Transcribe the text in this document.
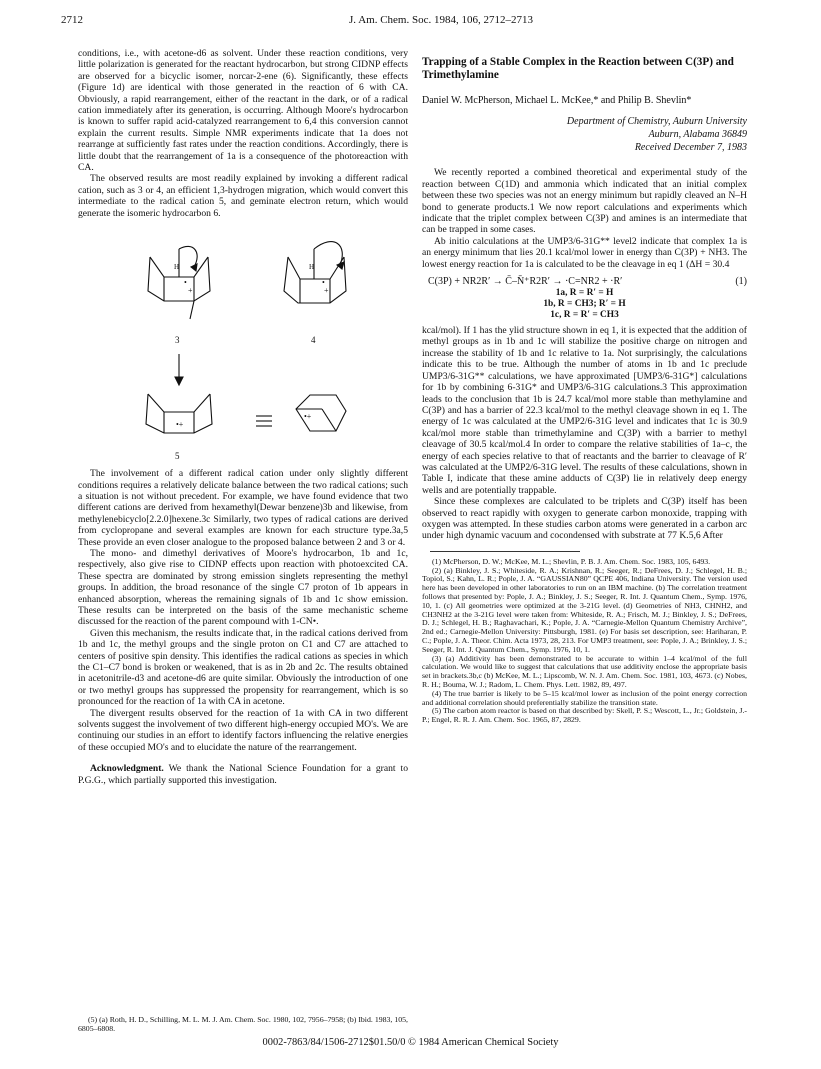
2712	J. Am. Chem. Soc. 1984, 106, 2712–2713

conditions, i.e., with acetone-d6 as solvent. Under these reaction conditions, very little polarization is generated for the reactant hydrocarbon, but strong CIDNP effects are observed for a bicyclic isomer, norcar-2-ene (6). Significantly, these effects (Figure 1d) are identical with those generated in the reaction of 6 with CA. Obviously, a rapid rearrangement, either of the reactant in the dark, or of a radical cation immediately after its generation, is occurring. Although Moore's hydrocarbon is known to suffer rapid acid-catalyzed rearrangement to 6,4 this conversion cannot explain the current results. Simple NMR experiments indicate that 1a does not rearrange at sufficiently fast rates under the reaction conditions. Accordingly, there is little doubt that the rearrangement of 1a is a consequence of the photoreaction with CA.

The observed results are most readily explained by invoking a different radical cation, such as 3 or 4, an efficient 1,3-hydrogen migration, which would convert this intermediate to the radical cation 5, and geminate electron return, which would generate the isomeric hydrocarbon 6.

•
+
•
+
•+
•+
H	H
3	4
5

The involvement of a different radical cation under only slightly different conditions requires a relatively delicate balance between the two radical cations; such a situation is not without precedent. For example, we have found evidence that two different cations are derived from hexamethyl(Dewar benzene)3b and likewise, from methylenebicyclo[2.2.0]hexene.3c Similarly, two types of radical cations are derived from cyclopropane and several examples are known for each structure type.3a,5 These provide an even closer analogue to the proposed balance between 2 and 3 or 4.

The mono- and dimethyl derivatives of Moore's hydrocarbon, 1b and 1c, respectively, also give rise to CIDNP effects upon reaction with photoexcited CA. These spectra are dominated by strong emission singlets representing the methyl groups. In addition, the broad resonance of the single C7 proton of 1b appears in enhanced absorption, whereas the remaining signals of 1b and 1c show emission. These results can be interpreted on the basis of the same mechanistic scheme discussed for the reaction of the parent compound with 1-CN•.

Given this mechanism, the results indicate that, in the radical cations derived from 1b and 1c, the methyl groups and the single proton on C1 and C7 are attached to centers of positive spin density. This identifies the radical cations as species in which the C1–C7 bond is broken or weakened, that is as in 2b and 2c. The results obtained in acetonitrile-d3 and acetone-d6 are quite similar. Obviously the introduction of one or two methyl groups has suppressed the propensity for rearrangement, which is so pronounced for the reaction of 1a with CA in acetone.

The divergent results observed for the reaction of 1a with CA in two different solvents suggest the involvement of two different high-energy occupied MO's. We are continuing our studies in an effort to identify factors influencing the relative energies of these occupied MO's and to elucidate the nature of the rearrangement.

Acknowledgment. We thank the National Science Foundation for a grant to P.G.G., which partially supported this investigation.

(5) (a) Roth, H. D., Schilling, M. L. M. J. Am. Chem. Soc. 1980, 102, 7956–7958; (b) Ibid. 1983, 105, 6805–6808.

Trapping of a Stable Complex in the Reaction between C(3P) and Trimethylamine
Daniel W. McPherson, Michael L. McKee,* and Philip B. Shevlin*
Department of Chemistry, Auburn University
Auburn, Alabama 36849
Received December 7, 1983

We recently reported a combined theoretical and experimental study of the reaction between C(1D) and ammonia which indicated that an initial complex between these two species was not an energy minimum but rapidly cleaved an N–H bond to generate products.1 We now report calculations and experiments which indicate that the triplet complex between C(3P) and amines is an intermediate that can be trapped in some cases.

Ab initio calculations at the UMP3/6-31G** level2 indicate that complex 1a is an energy minimum that lies 20.1 kcal/mol lower in energy than C(3P) + NH3. The lowest energy reaction for 1a is calculated to be the cleavage in eq 1 (ΔH = 30.4

C(3P) + NR2R′ → C̄–N̄⁺R2R′ → ·C=NR2 + ·R′	(1)
1a, R = R′ = H
1b, R = CH3; R′ = H
1c, R = R′ = CH3

kcal/mol). If 1 has the ylid structure shown in eq 1, it is expected that the addition of methyl groups as in 1b and 1c will stabilize the positive charge on nitrogen and increase the stability of 1b and 1c relative to 1a. Not surprisingly, the calculations indicate this to be true. Although the number of atoms in 1b and 1c preclude UMP3/6-31G** calculations, we have approximated [UMP3/6-31G*] calculations for 1b by combining 6-31G* and UMP3/6-31G calculations.3 This approximation leads to the conclusion that 1b is 24.7 kcal/mol more stable than methylamine and C(3P) and has a barrier of 22.3 kcal/mol to the methyl cleavage shown in eq 1. The energy of 1c was calculated at the UMP2/6-31G level and indicates that 1c is 30.9 kcal/mol more stable than trimethylamine and C(3P) with a barrier to methyl cleavage of 30.5 kcal/mol.4 In order to compare the relative stabilities of 1a–c, the energy of each species relative to that of reactants and the barrier to cleavage of R′ was calculated at the UMP2/6-31G level. The results of these calculations, shown in Table I, indicate that these amine adducts of C(3P) lie in relatively deep energy wells and are potentially trappable.

Since these complexes are calculated to be triplets and C(3P) itself has been observed to react rapidly with oxygen to generate carbon monoxide, trapping with oxygen was attempted. In these studies carbon atoms were generated in a carbon arc under high dynamic vacuum and cocondensed with substrate at 77 K.5,6 After

(1) McPherson, D. W.; McKee, M. L.; Shevlin, P. B. J. Am. Chem. Soc. 1983, 105, 6493.

(2) (a) Binkley, J. S.; Whiteside, R. A.; Krishnan, R.; Seeger, R.; DeFrees, D. J.; Schlegel, H. B.; Topiol, S.; Kahn, L. R.; Pople, J. A. “GAUSSIAN80” QCPE 406, Indiana University. The version used here has been developed in other laboratories to run on an IBM machine. (b) The correlation treatment follows that presented by: Pople, J. A.; Binkley, J. S.; Seeger, R. Int. J. Quantum Chem., Symp. 1976, 10, 1. (c) All geometries were optimized at the 3-21G level. (d) Geometries of NH3, CHNH2, and CH3NH2 at the 3-21G level were taken from: Whiteside, R. A.; Frisch, M. J.; Binkley, J. S.; DeFrees, D. J.; Schlegel, H. B.; Raghavachari, K.; Pople, J. A. “Carnegie-Mellon Quantum Chemistry Archive”, 2nd ed.; Carnegie-Mellon University: Pittsburgh, 1981. (e) For basis set description, see: Hariharan, P. C.; Pople, J. A. Theor. Chim. Acta 1973, 28, 213. For UMP3 treatment, see: Pople, J. A.; Brinkley, J. S.; Seeger, R. Int. J. Quantum Chem., Symp. 1976, 10, 1.

(3) (a) Additivity has been demonstrated to be accurate to within 1–4 kcal/mol of the full calculation. We would like to suggest that calculations that use additivity enclose the appropriate basis set in brackets.3b,c (b) McKee, M. L.; Lipscomb, W. N. J. Am. Chem. Soc. 1981, 103, 4673. (c) Nobes, R. H.; Bouma, W. J.; Radom, L. Chem. Phys. Lett. 1982, 89, 497.

(4) The true barrier is likely to be 5–15 kcal/mol lower as inclusion of the point energy correction and additional correlation should preferentially stabilize the transition state.

(5) The carbon atom reactor is based on that described by: Skell, P. S.; Wescott, L., Jr.; Goldstein, J.-P.; Engel, R. R. J. Am. Chem. Soc. 1965, 87, 2829.

0002-7863/84/1506-2712$01.50/0 © 1984 American Chemical Society
